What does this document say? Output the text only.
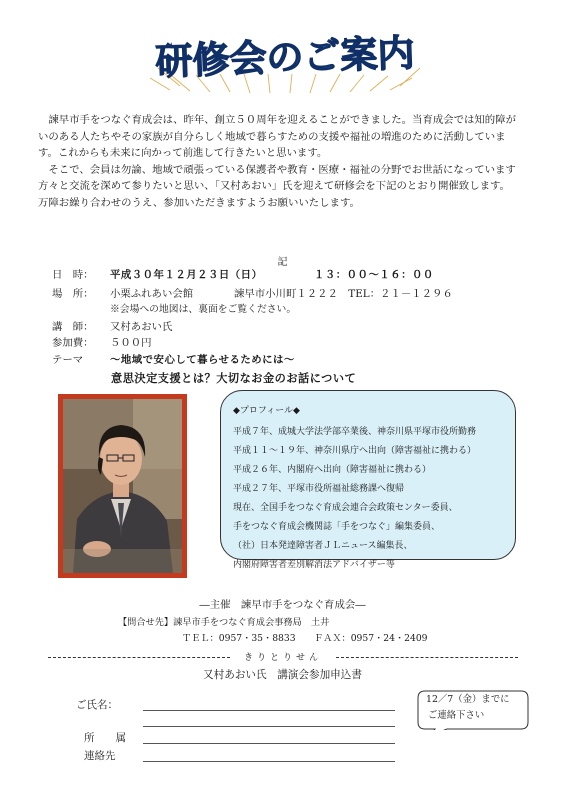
研修会のご案内

諫早市手をつなぐ育成会は、昨年、創立５０周年を迎えることができました。当育成会では知的障がいのある人たちやその家族が自分らしく地域で暮らすための支援や福祉の増進のために活動しています。これからも未来に向かって前進して行きたいと思います。

そこで、会員は勿論、地域で頑張っている保護者や教育・医療・福祉の分野でお世話になっています方々と交流を深めて参りたいと思い、「又村あおい」氏を迎えて研修会を下記のとおり開催致します。　万障お繰り合わせのうえ、参加いただきますようお願いいたします。

記
日　時： 平成３０年１２月２３日（日）	１３：００～１６：００
場　所： 小栗ふれあい会館	諫早市小川町１２２２　TEL：２１－１２９６
※会場への地図は、裏面をご覧ください。
講　師： 又村あおい氏
参加費： ５００円
テーマ	～地域で安心して暮らせるためには～
意思決定支援とは？大切なお金のお話について
◆プロフィール◆
平成７年、成城大学法学部卒業後、神奈川県平塚市役所勤務
平成１１～１９年、神奈川県庁へ出向（障害福祉に携わる）
平成２６年、内閣府へ出向（障害福祉に携わる）
平成２７年、平塚市役所福祉総務課へ復帰
現在、全国手をつなぐ育成会連合会政策センター委員、
手をつなぐ育成会機関誌「手をつなぐ」編集委員、
（社）日本発達障害者ＪＬニュース編集長、
内閣府障害者差別解消法アドバイザー等
―主催　諫早市手をつなぐ育成会―
【問合せ先】諫早市手をつなぐ育成会事務局　土井
ＴＥＬ：0957・35・8833　　ＦＡＸ：0957・24・2409
きりとりせん
又村あおい氏　講演会参加申込書
ご氏名：
所　　属
連絡先
12／7（金）までに
ご連絡下さい
